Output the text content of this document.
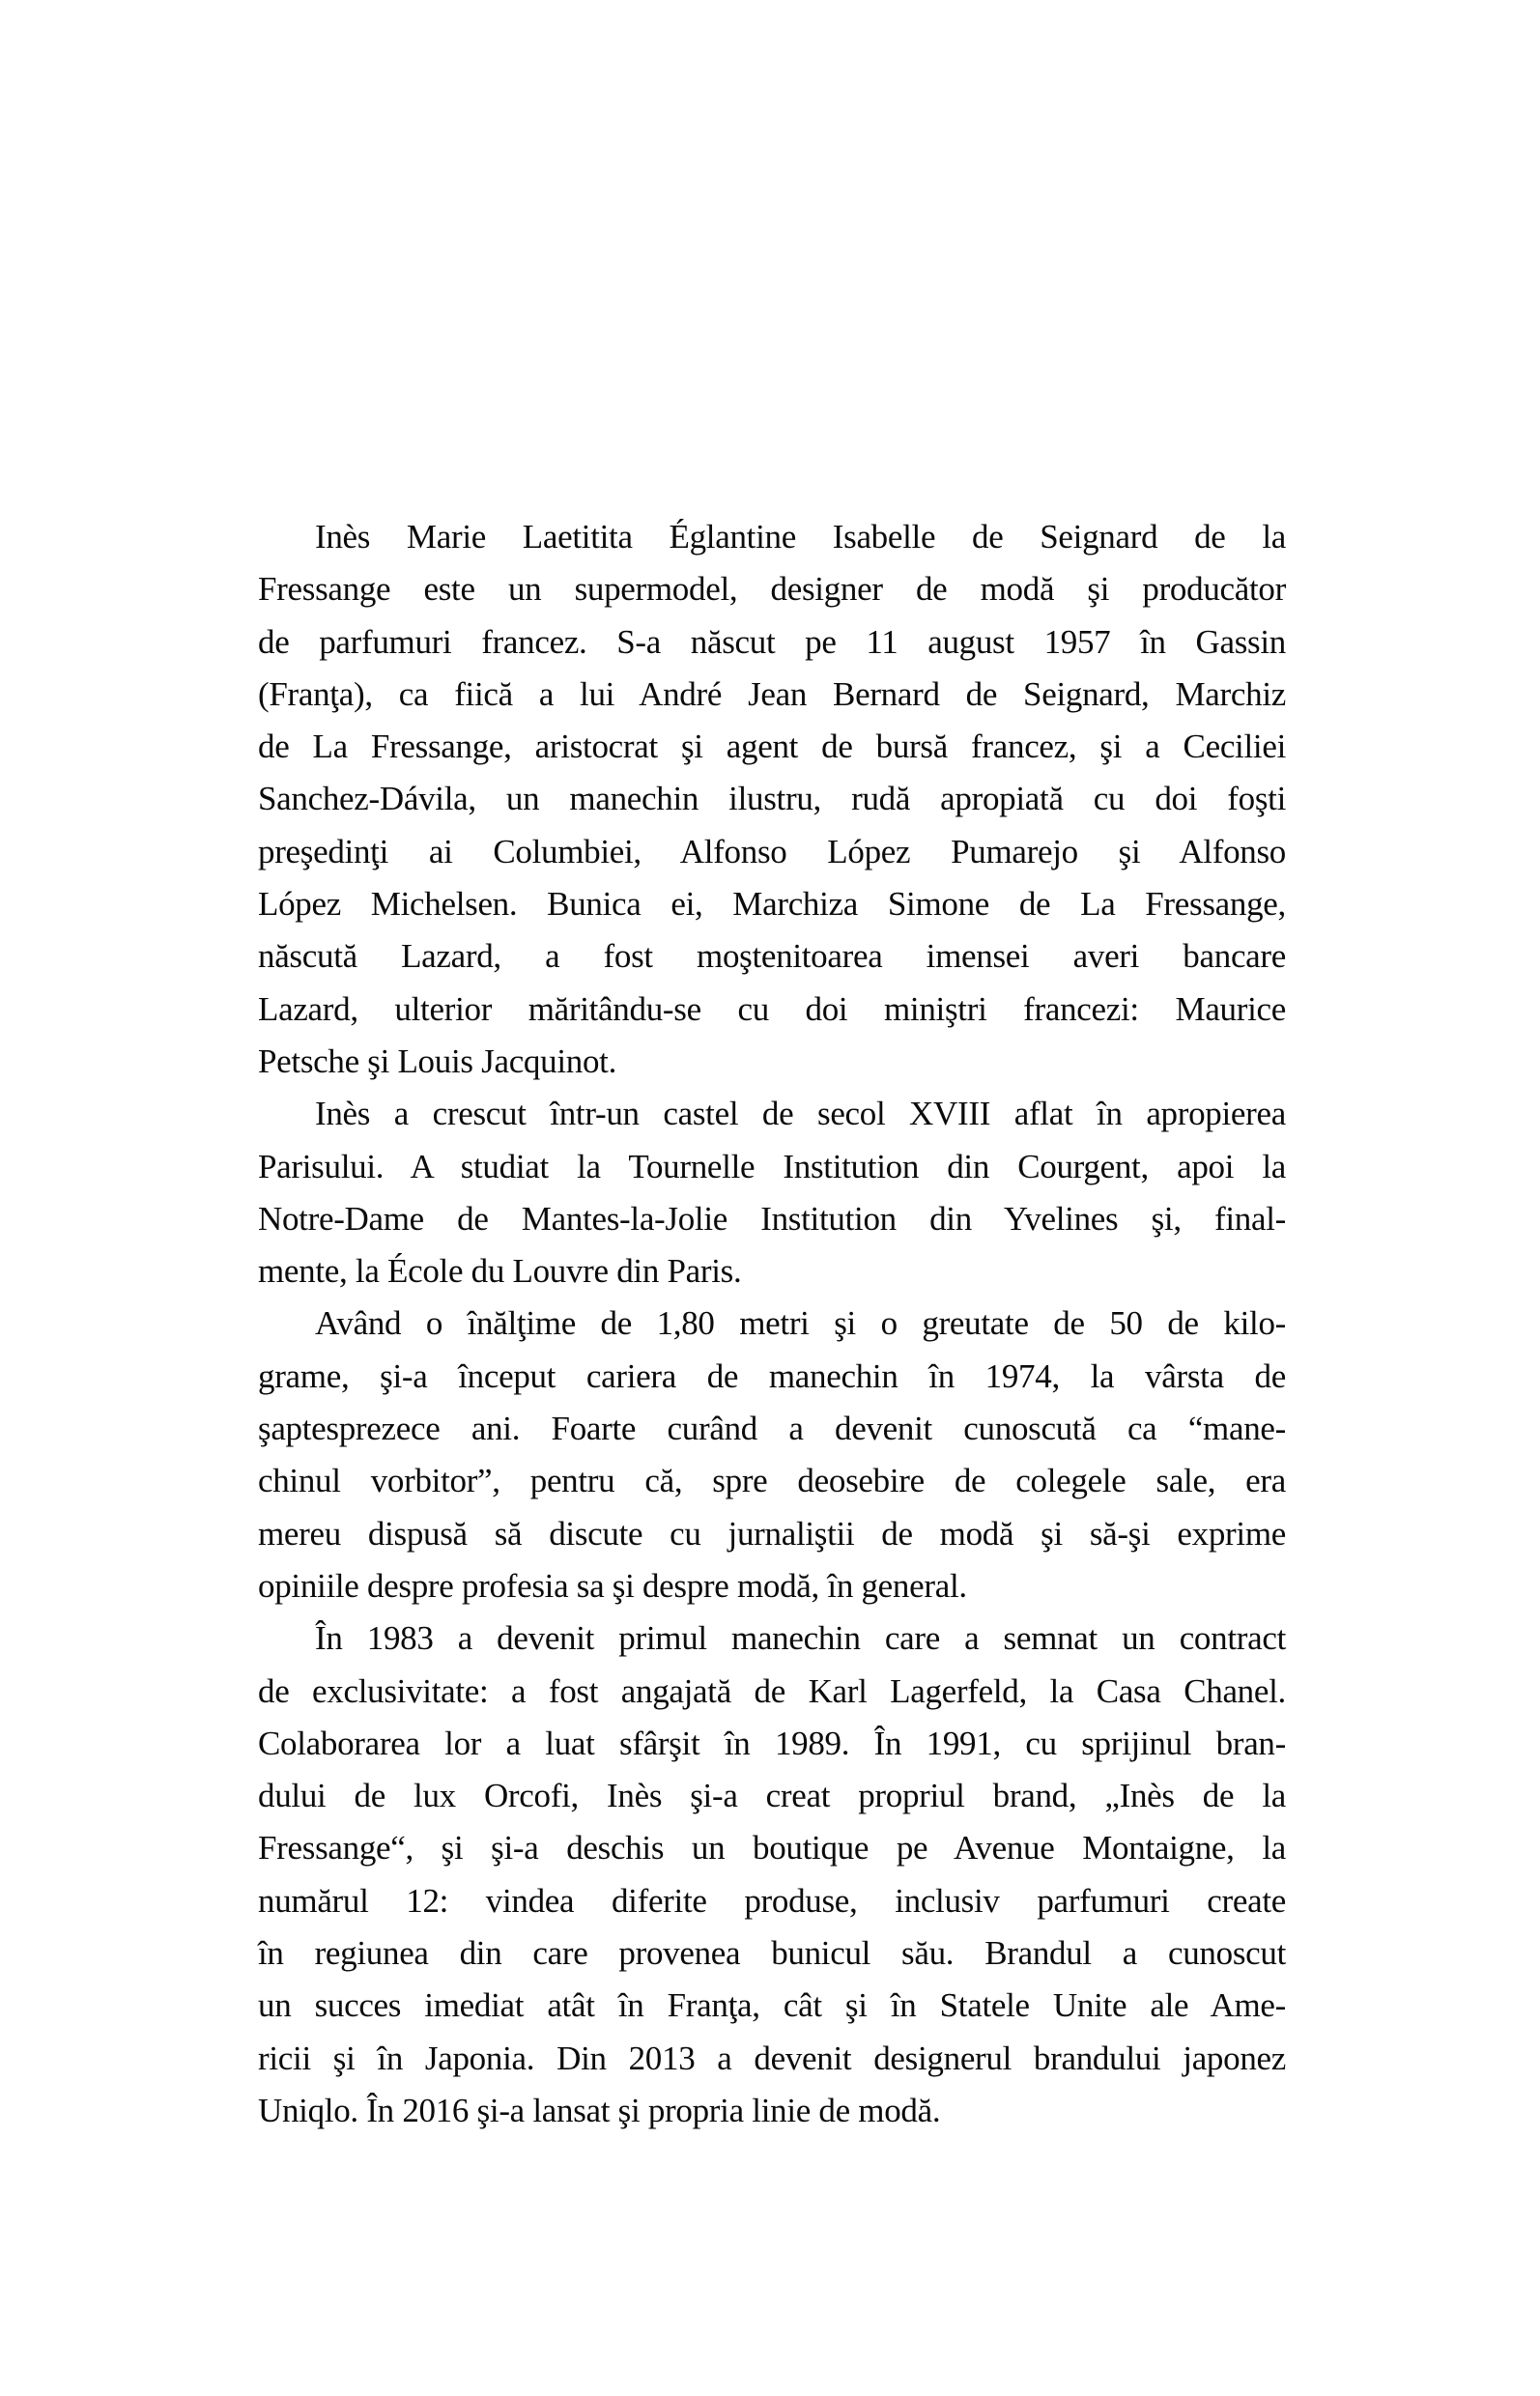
Inès Marie Laetitita Églantine Isabelle de Seignard de la
Fressange este un supermodel, designer de modă şi producător
de parfumuri francez. S-a născut pe 11 august 1957 în Gassin
(Franţa), ca fiică a lui André Jean Bernard de Seignard, Marchiz
de La Fressange, aristocrat şi agent de bursă francez, şi a Ceciliei
Sanchez-Dávila, un manechin ilustru, rudă apropiată cu doi foşti
preşedinţi ai Columbiei, Alfonso López Pumarejo şi Alfonso
López Michelsen. Bunica ei, Marchiza Simone de La Fressange,
născută Lazard, a fost moştenitoarea imensei averi bancare
Lazard, ulterior măritându-se cu doi miniştri francezi: Maurice
Petsche şi Louis Jacquinot.
Inès a crescut într-un castel de secol XVIII aflat în apropierea
Parisului. A studiat la Tournelle Institution din Courgent, apoi la
Notre-Dame de Mantes-la-Jolie Institution din Yvelines şi, final-
mente, la École du Louvre din Paris.
Având o înălţime de 1,80 metri şi o greutate de 50 de kilo-
grame, şi-a început cariera de manechin în 1974, la vârsta de
şaptesprezece ani. Foarte curând a devenit cunoscută ca “mane-
chinul vorbitor”, pentru că, spre deosebire de colegele sale, era
mereu dispusă să discute cu jurnaliştii de modă şi să-şi exprime
opiniile despre profesia sa şi despre modă, în general.
În 1983 a devenit primul manechin care a semnat un contract
de exclusivitate: a fost angajată de Karl Lagerfeld, la Casa Chanel.
Colaborarea lor a luat sfârşit în 1989. În 1991, cu sprijinul bran-
dului de lux Orcofi, Inès şi-a creat propriul brand, „Inès de la
Fressange“, şi şi-a deschis un boutique pe Avenue Montaigne, la
numărul 12: vindea diferite produse, inclusiv parfumuri create
în regiunea din care provenea bunicul său. Brandul a cunoscut
un succes imediat atât în Franţa, cât şi în Statele Unite ale Ame-
ricii şi în Japonia. Din 2013 a devenit designerul brandului japonez
Uniqlo. În 2016 şi-a lansat şi propria linie de modă.
